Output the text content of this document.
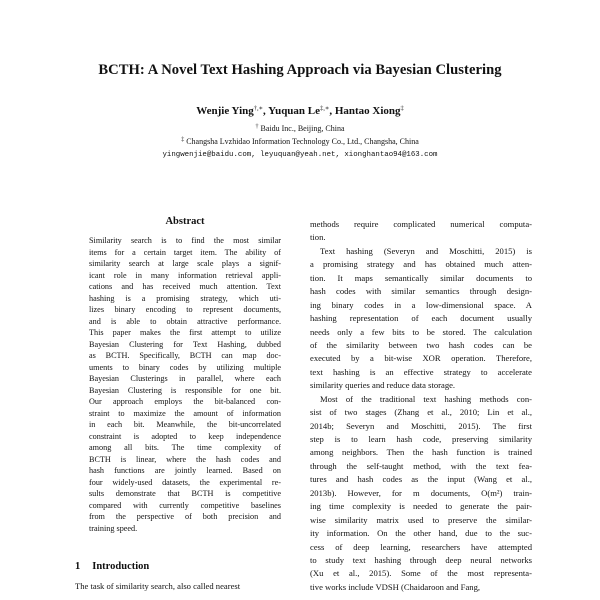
BCTH: A Novel Text Hashing Approach via Bayesian Clustering
Wenjie Ying†,∗, Yuquan Le‡,∗, Hantao Xiong‡
† Baidu Inc., Beijing, China
‡ Changsha Lvzhidao Information Technology Co., Ltd., Changsha, China
yingwenjie@baidu.com, leyuquan@yeah.net, xionghantao94@163.com
Abstract
Similarity search is to find the most similar
items for a certain target item. The ability of
similarity search at large scale plays a signif-
icant role in many information retrieval appli-
cations and has received much attention. Text
hashing is a promising strategy, which uti-
lizes binary encoding to represent documents,
and is able to obtain attractive performance.
This paper makes the first attempt to utilize
Bayesian Clustering for Text Hashing, dubbed
as BCTH. Specifically, BCTH can map doc-
uments to binary codes by utilizing multiple
Bayesian Clusterings in parallel, where each
Bayesian Clustering is responsible for one bit.
Our approach employs the bit-balanced con-
straint to maximize the amount of information
in each bit. Meanwhile, the bit-uncorrelated
constraint is adopted to keep independence
among all bits. The time complexity of
BCTH is linear, where the hash codes and
hash functions are jointly learned. Based on
four widely-used datasets, the experimental re-
sults demonstrate that BCTH is competitive
compared with currently competitive baselines
from the perspective of both precision and
training speed.
1 Introduction
The task of similarity search, also called nearest
methods require complicated numerical computa-
tion.
Text hashing (Severyn and Moschitti, 2015) is
a promising strategy and has obtained much atten-
tion. It maps semantically similar documents to
hash codes with similar semantics through design-
ing binary codes in a low-dimensional space. A
hashing representation of each document usually
needs only a few bits to be stored. The calculation
of the similarity between two hash codes can be
executed by a bit-wise XOR operation. Therefore,
text hashing is an effective strategy to accelerate
similarity queries and reduce data storage.
Most of the traditional text hashing methods con-
sist of two stages (Zhang et al., 2010; Lin et al.,
2014b; Severyn and Moschitti, 2015). The first
step is to learn hash code, preserving similarity
among neighbors. Then the hash function is trained
through the self-taught method, with the text fea-
tures and hash codes as the input (Wang et al.,
2013b). However, for m documents, O(m²) train-
ing time complexity is needed to generate the pair-
wise similarity matrix used to preserve the similar-
ity information. On the other hand, due to the suc-
cess of deep learning, researchers have attempted
to study text hashing through deep neural networks
(Xu et al., 2015). Some of the most representa-
tive works include VDSH (Chaidaroon and Fang,
